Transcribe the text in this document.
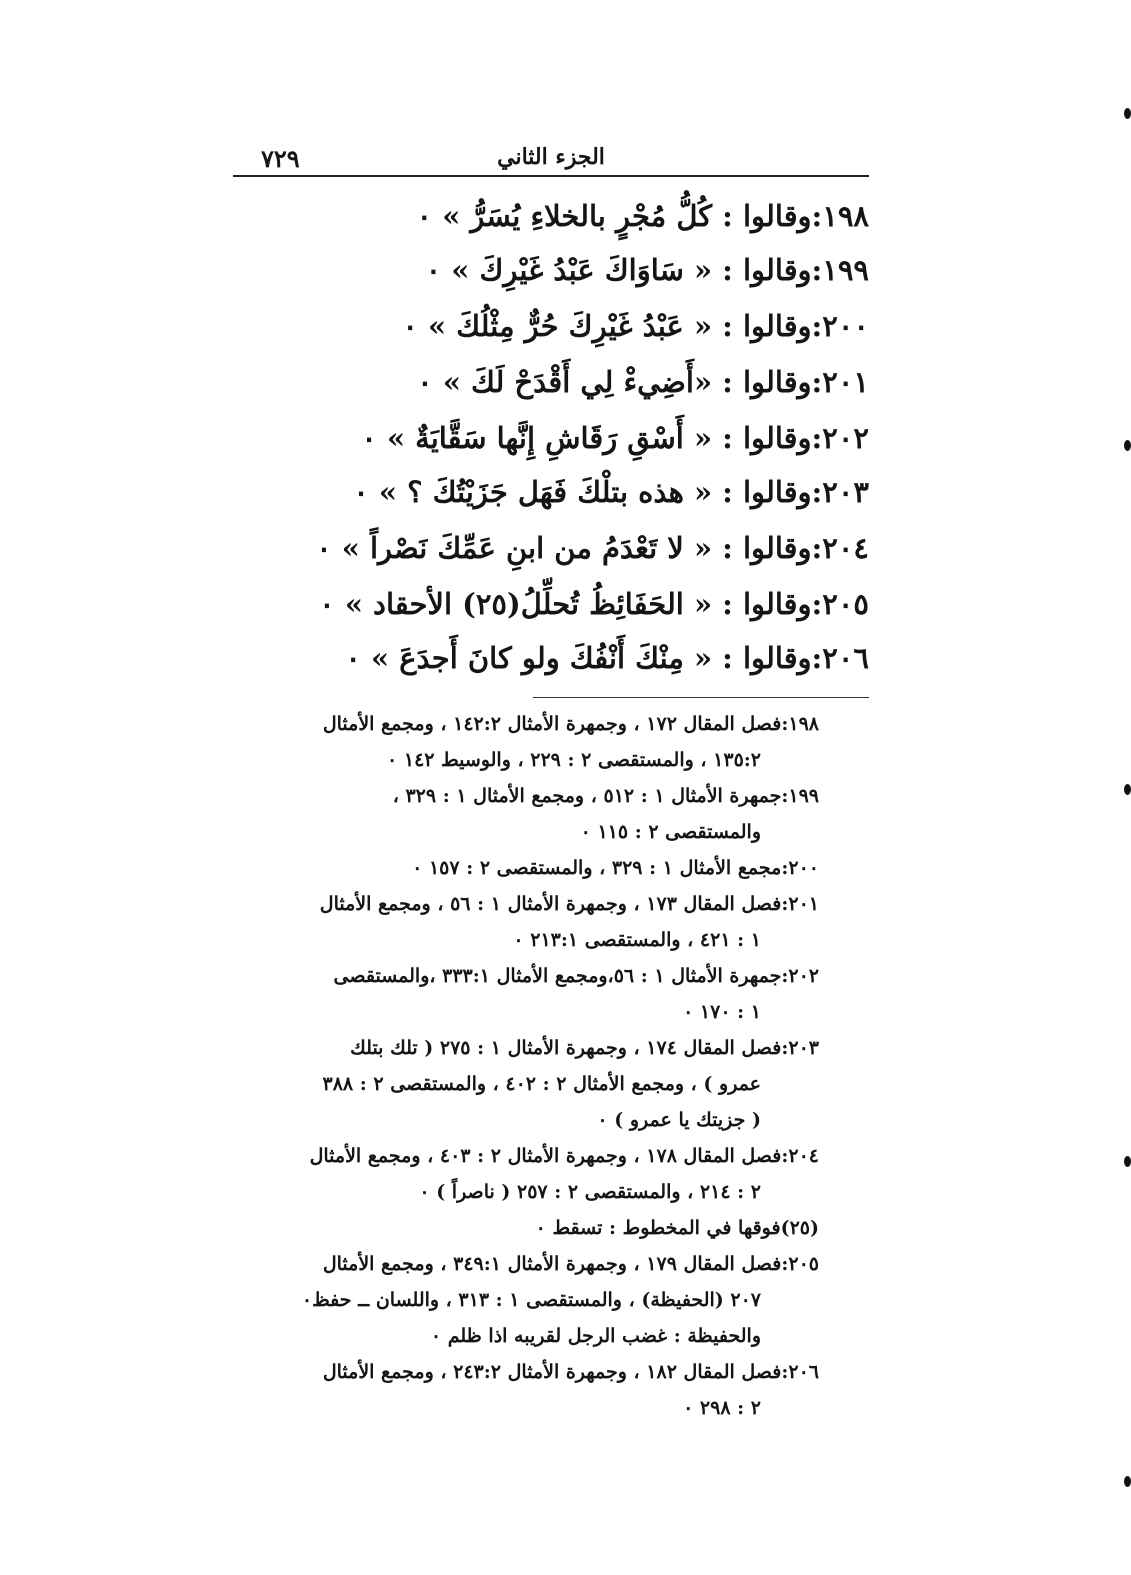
٧٢٩	الجزء الثاني
١٩٨:وقالوا : كُلُّ مُجْرٍ بالخلاءِ يُسَرُّ » ٠
١٩٩:وقالوا : « سَاوَاكَ عَبْدُ غَيْرِكَ » ٠
٢٠٠:وقالوا : « عَبْدُ غَيْرِكَ حُرٌّ مِثْلُكَ » ٠
٢٠١:وقالوا : «أَضِيءْ لِي أَقْدَحْ لَكَ » ٠
٢٠٢:وقالوا : « أَسْقِ رَقَاشِ إِنَّها سَقَّايَةٌ » ٠
٢٠٣:وقالوا : « هذه بتلْكَ فَهَل جَزَيْتُكَ ؟ » ٠
٢٠٤:وقالوا : « لا تَعْدَمُ من ابنِ عَمِّكَ نَصْراً » ٠
٢٠٥:وقالوا : « الحَفَائِظُ تُحلِّلُ(٢٥) الأحقاد » ٠
٢٠٦:وقالوا : « مِنْكَ أَنْفُكَ ولو كانَ أَجدَعَ » ٠
١٩٨:فصل المقال ١٧٢ ، وجمهرة الأمثال ١٤٢:٢ ، ومجمع الأمثال
١٣٥:٢ ، والمستقصى ٢ : ٢٢٩ ، والوسيط ١٤٢ ٠
١٩٩:جمهرة الأمثال ١ : ٥١٢ ، ومجمع الأمثال ١ : ٣٢٩ ،
والمستقصى ٢ : ١١٥ ٠
٢٠٠:مجمع الأمثال ١ : ٣٢٩ ، والمستقصى ٢ : ١٥٧ ٠
٢٠١:فصل المقال ١٧٣ ، وجمهرة الأمثال ١ : ٥٦ ، ومجمع الأمثال
١ : ٤٢١ ، والمستقصى ٢١٣:١ ٠
٢٠٢:جمهرة الأمثال ١ : ٥٦،ومجمع الأمثال ٣٣٣:١ ،والمستقصى
١ : ١٧٠ ٠
٢٠٣:فصل المقال ١٧٤ ، وجمهرة الأمثال ١ : ٢٧٥ ( تلك بتلك
عمرو ) ، ومجمع الأمثال ٢ : ٤٠٢ ، والمستقصى ٢ : ٣٨٨
( جزيتك يا عمرو ) ٠
٢٠٤:فصل المقال ١٧٨ ، وجمهرة الأمثال ٢ : ٤٠٣ ، ومجمع الأمثال
٢ : ٢١٤ ، والمستقصى ٢ : ٢٥٧ ( ناصراً ) ٠
(٢٥)فوقها في المخطوط : تسقط ٠
٢٠٥:فصل المقال ١٧٩ ، وجمهرة الأمثال ٣٤٩:١ ، ومجمع الأمثال
٢٠٧ (الحفيظة) ، والمستقصى ١ : ٣١٣ ، واللسان ــ حفظ٠
والحفيظة : غضب الرجل لقريبه اذا ظلم ٠
٢٠٦:فصل المقال ١٨٢ ، وجمهرة الأمثال ٢٤٣:٢ ، ومجمع الأمثال
٢ : ٢٩٨ ٠
